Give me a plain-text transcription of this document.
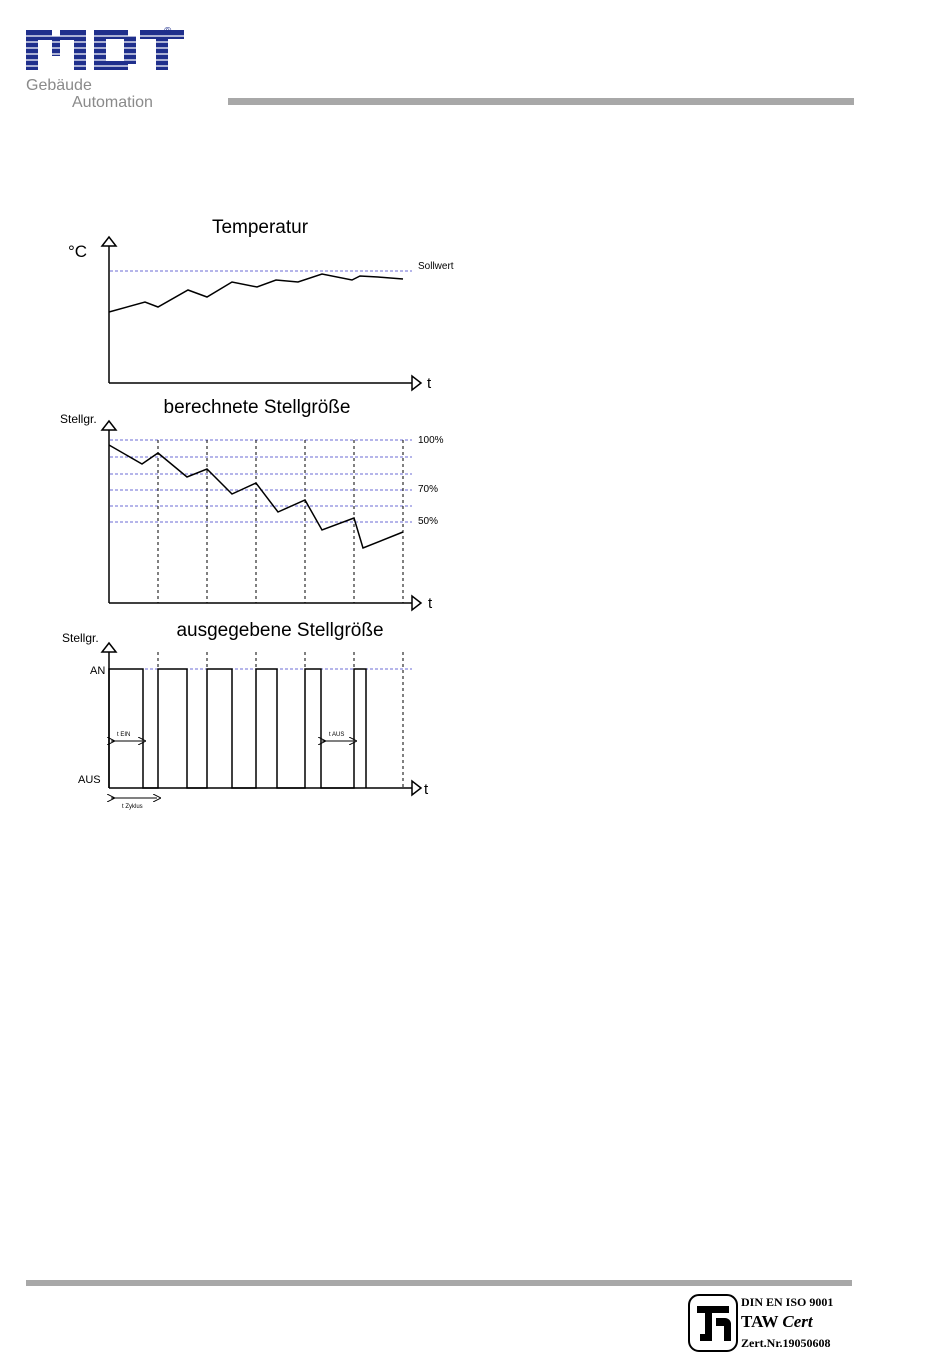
®
Gebäude
Automation
Temperatur
°C
t
Sollwert
berechnete Stellgröße
Stellgr.
t
100%
70%
50%
ausgegebene Stellgröße
Stellgr.
t
AN
AUS
t EIN	t AUS
t Zyklus
DIN EN ISO 9001
TAW Cert
Zert.Nr.19050608
